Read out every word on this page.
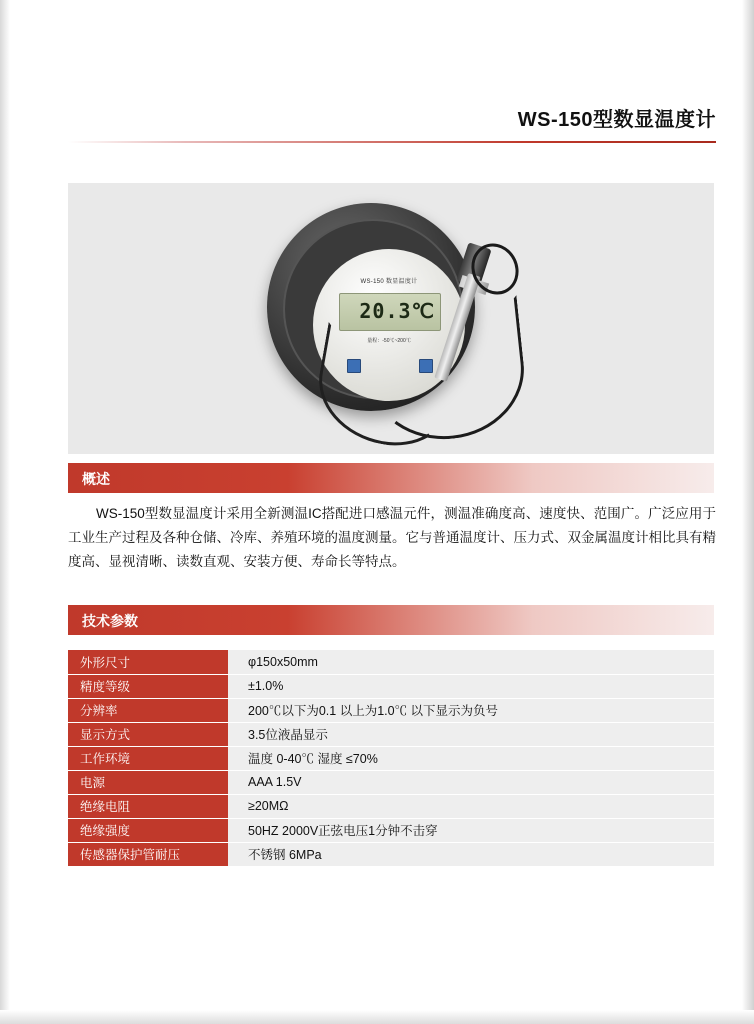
WS-150型数显温度计
WS-150 数显温度计
20.3℃
量程：-50℃~200℃
概述
WS-150型数显温度计采用全新测温IC搭配进口感温元件，测温准确度高、速度快、范围广。广泛应用于工业生产过程及各种仓储、冷库、养殖环境的温度测量。它与普通温度计、压力式、双金属温度计相比具有精度高、显视清晰、读数直观、安装方便、寿命长等特点。
技术参数
外形尺寸	φ150x50mm
精度等级	±1.0%
分辨率	200℃以下为0.1 以上为1.0℃ 以下显示为负号
显示方式	3.5位液晶显示
工作环境	温度 0-40℃ 湿度 ≤70%
电源	AAA 1.5V
绝缘电阻	≥20MΩ
绝缘强度	50HZ 2000V正弦电压1分钟不击穿
传感器保护管耐压	不锈钢 6MPa
